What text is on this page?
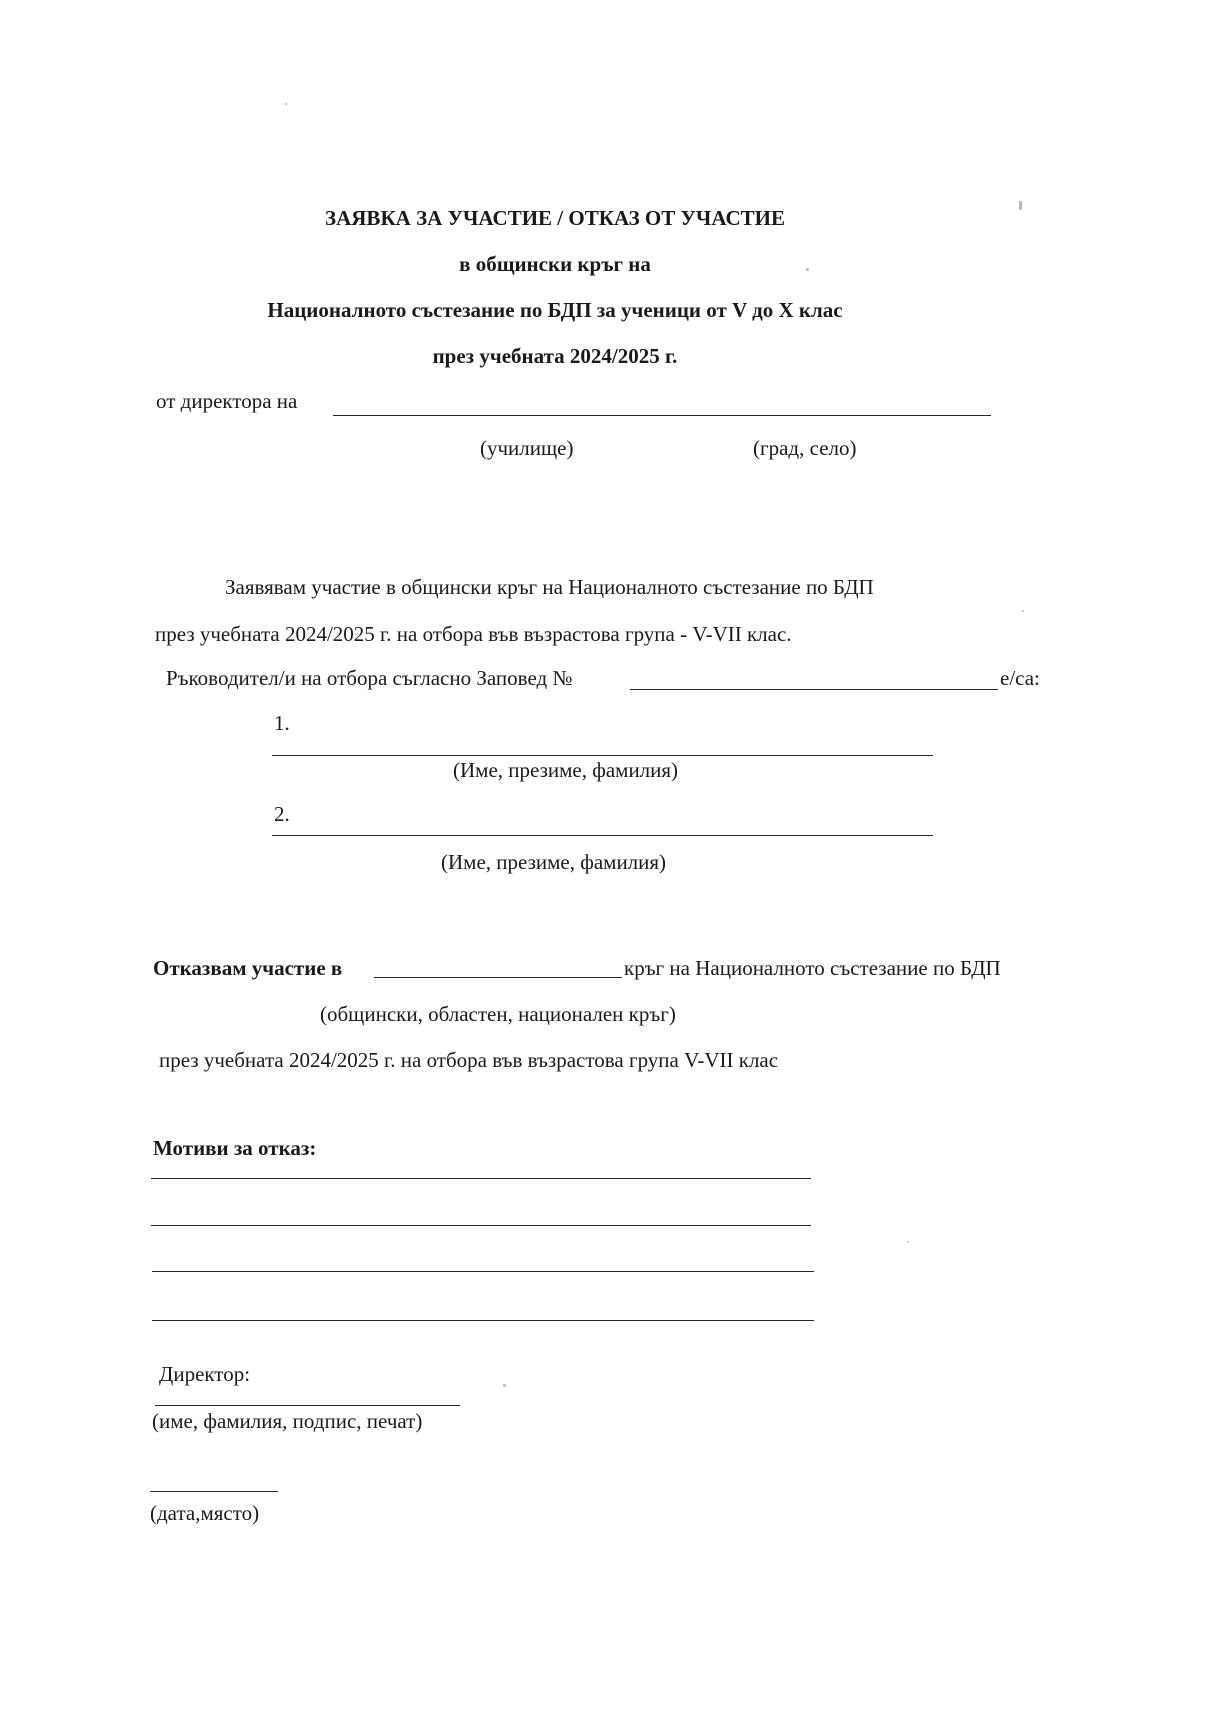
ЗАЯВКА ЗА УЧАСТИЕ / ОТКАЗ ОТ УЧАСТИЕ
в общински кръг на
Националното състезание по БДП за ученици от V до X клас
през учебната 2024/2025 г.
от директора на
(училище)	(град, село)
Заявявам участие в общински кръг на Националното състезание по БДП
през учебната 2024/2025 г. на отбора във възрастова група - V-VII клас.
Ръководител/и на отбора съгласно Заповед №	е/са:
1.
(Име, презиме, фамилия)
2.
(Име, презиме, фамилия)
Отказвам участие в	кръг на Националното състезание по БДП
(общински, областен, национален кръг)
през учебната 2024/2025 г. на отбора във възрастова група V-VII клас
Мотиви за отказ:
Директор:
(име, фамилия, подпис, печат)
(дата,място)
